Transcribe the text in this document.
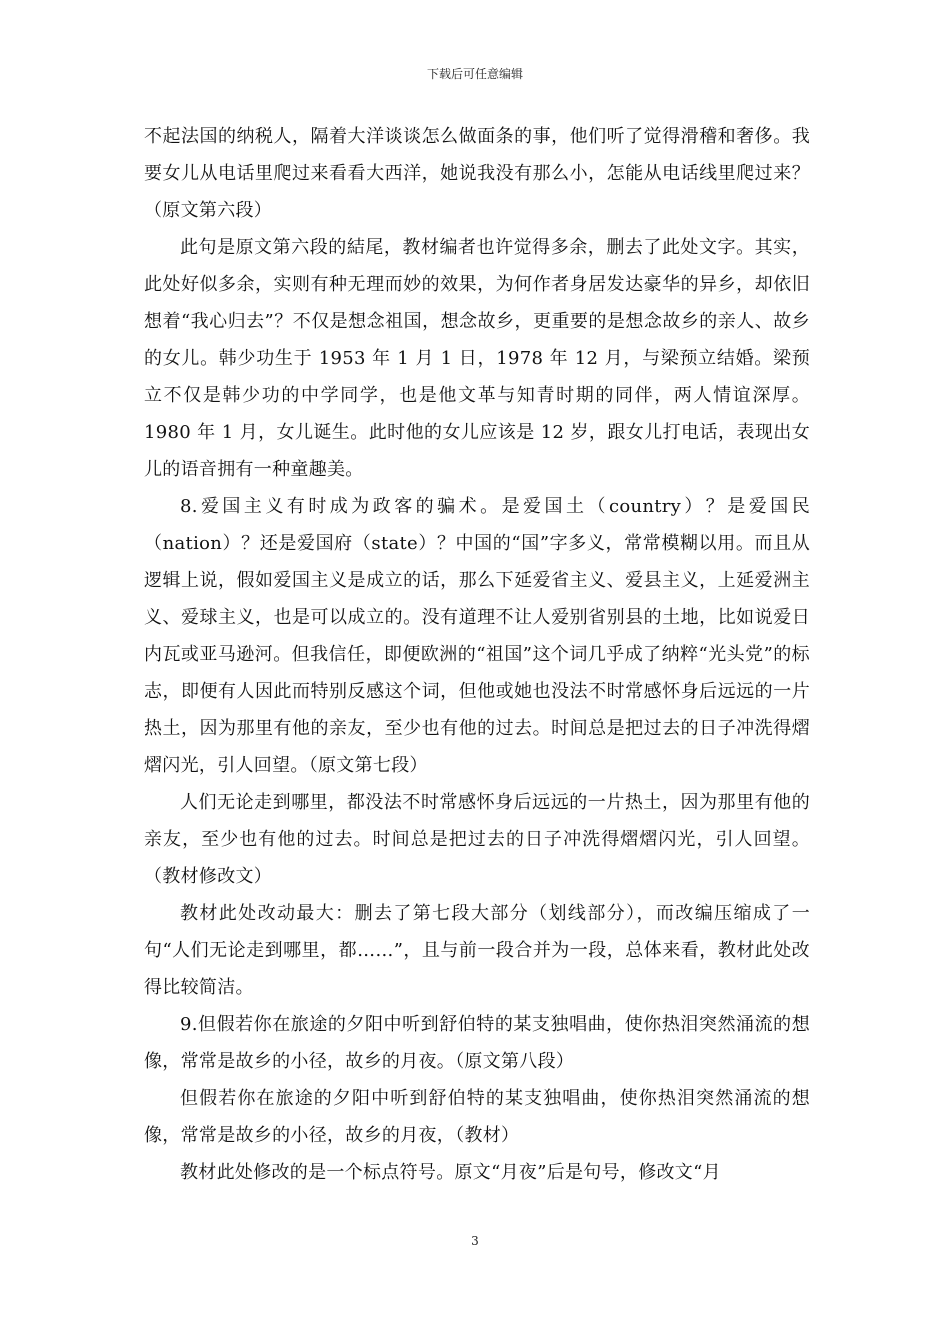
下载后可任意编辑

不起法国的纳税人，隔着大洋谈谈怎么做面条的事，他们听了觉得滑稽和奢侈。我要女儿从电话里爬过来看看大西洋，她说我没有那么小，怎能从电话线里爬过来？（原文第六段）

此句是原文第六段的結尾，教材编者也许觉得多余，删去了此处文字。其实，此处好似多余，实则有种无理而妙的效果，为何作者身居发达豪华的异乡，却依旧想着“我心归去”？不仅是想念祖国，想念故乡，更重要的是想念故乡的亲人、故乡的女儿。韩少功生于 1953 年 1 月 1 日，1978 年 12 月，与梁预立结婚。梁预立不仅是韩少功的中学同学，也是他文革与知青时期的同伴，两人情谊深厚。1980 年 1 月，女儿诞生。此时他的女儿应该是 12 岁，跟女儿打电话，表现出女儿的语音拥有一种童趣美。

8.爱国主义有时成为政客的骗术。是爱国土（country）？是爱国民（nation）？还是爱国府（state）？中国的“国”字多义，常常模糊以用。而且从逻辑上说，假如爱国主义是成立的话，那么下延爱省主义、爱县主义，上延爱洲主义、爱球主义，也是可以成立的。没有道理不让人爱别省别县的土地，比如说爱日内瓦或亚马逊河。但我信任，即便欧洲的“祖国”这个词几乎成了纳粹“光头党”的标志，即便有人因此而特别反感这个词，但他或她也没法不时常感怀身后远远的一片热土，因为那里有他的亲友，至少也有他的过去。时间总是把过去的日子冲洗得熠熠闪光，引人回望。（原文第七段）

人们无论走到哪里，都没法不时常感怀身后远远的一片热土，因为那里有他的亲友，至少也有他的过去。时间总是把过去的日子冲洗得熠熠闪光，引人回望。（教材修改文）

教材此处改动最大：删去了第七段大部分（划线部分），而改编压缩成了一句“人们无论走到哪里，都……”，且与前一段合并为一段，总体来看，教材此处改得比较简洁。

9.但假若你在旅途的夕阳中听到舒伯特的某支独唱曲，使你热泪突然涌流的想像，常常是故乡的小径，故乡的月夜。（原文第八段）

但假若你在旅途的夕阳中听到舒伯特的某支独唱曲，使你热泪突然涌流的想像，常常是故乡的小径，故乡的月夜，（教材）

教材此处修改的是一个标点符号。原文“月夜”后是句号，修改文“月

3
